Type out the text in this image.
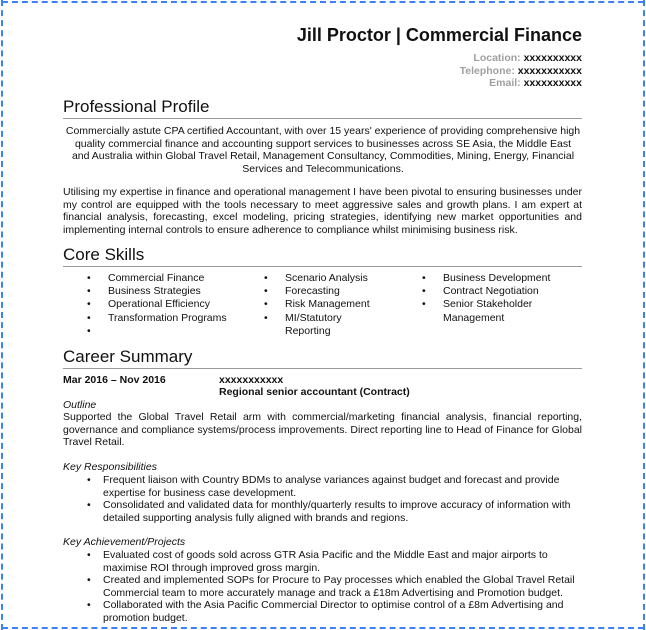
Jill Proctor | Commercial Finance
Location: xxxxxxxxxx
Telephone: xxxxxxxxxxx
Email: xxxxxxxxxx
Professional Profile
Commercially astute CPA certified Accountant, with over 15 years' experience of providing comprehensive high quality commercial finance and accounting support services to businesses across SE Asia, the Middle East and Australia within Global Travel Retail, Management Consultancy, Commodities, Mining, Energy, Financial Services and Telecommunications.
Utilising my expertise in finance and operational management I have been pivotal to ensuring businesses under my control are equipped with the tools necessary to meet aggressive sales and growth plans. I am expert at financial analysis, forecasting, excel modeling, pricing strategies, identifying new market opportunities and implementing internal controls to ensure adherence to compliance whilst minimising business risk.
Core Skills
• Commercial Finance
• Business Strategies
• Operational Efficiency
• Transformation Programs
•
• Scenario Analysis
• Forecasting
• Risk Management
• MI/Statutory Reporting
• Business Development
• Contract Negotiation
• Senior Stakeholder Management
Career Summary
Mar 2016 – Nov 2016	xxxxxxxxxxx
Regional senior accountant (Contract)
Outline
Supported the Global Travel Retail arm with commercial/marketing financial analysis, financial reporting, governance and compliance systems/process improvements. Direct reporting line to Head of Finance for Global Travel Retail.
Key Responsibilities
• Frequent liaison with Country BDMs to analyse variances against budget and forecast and provide expertise for business case development.
• Consolidated and validated data for monthly/quarterly results to improve accuracy of information with detailed supporting analysis fully aligned with brands and regions.
Key Achievement/Projects
• Evaluated cost of goods sold across GTR Asia Pacific and the Middle East and major airports to maximise ROI through improved gross margin.
• Created and implemented SOPs for Procure to Pay processes which enabled the Global Travel Retail Commercial team to more accurately manage and track a £18m Advertising and Promotion budget.
• Collaborated with the Asia Pacific Commercial Director to optimise control of a £8m Advertising and promotion budget.
